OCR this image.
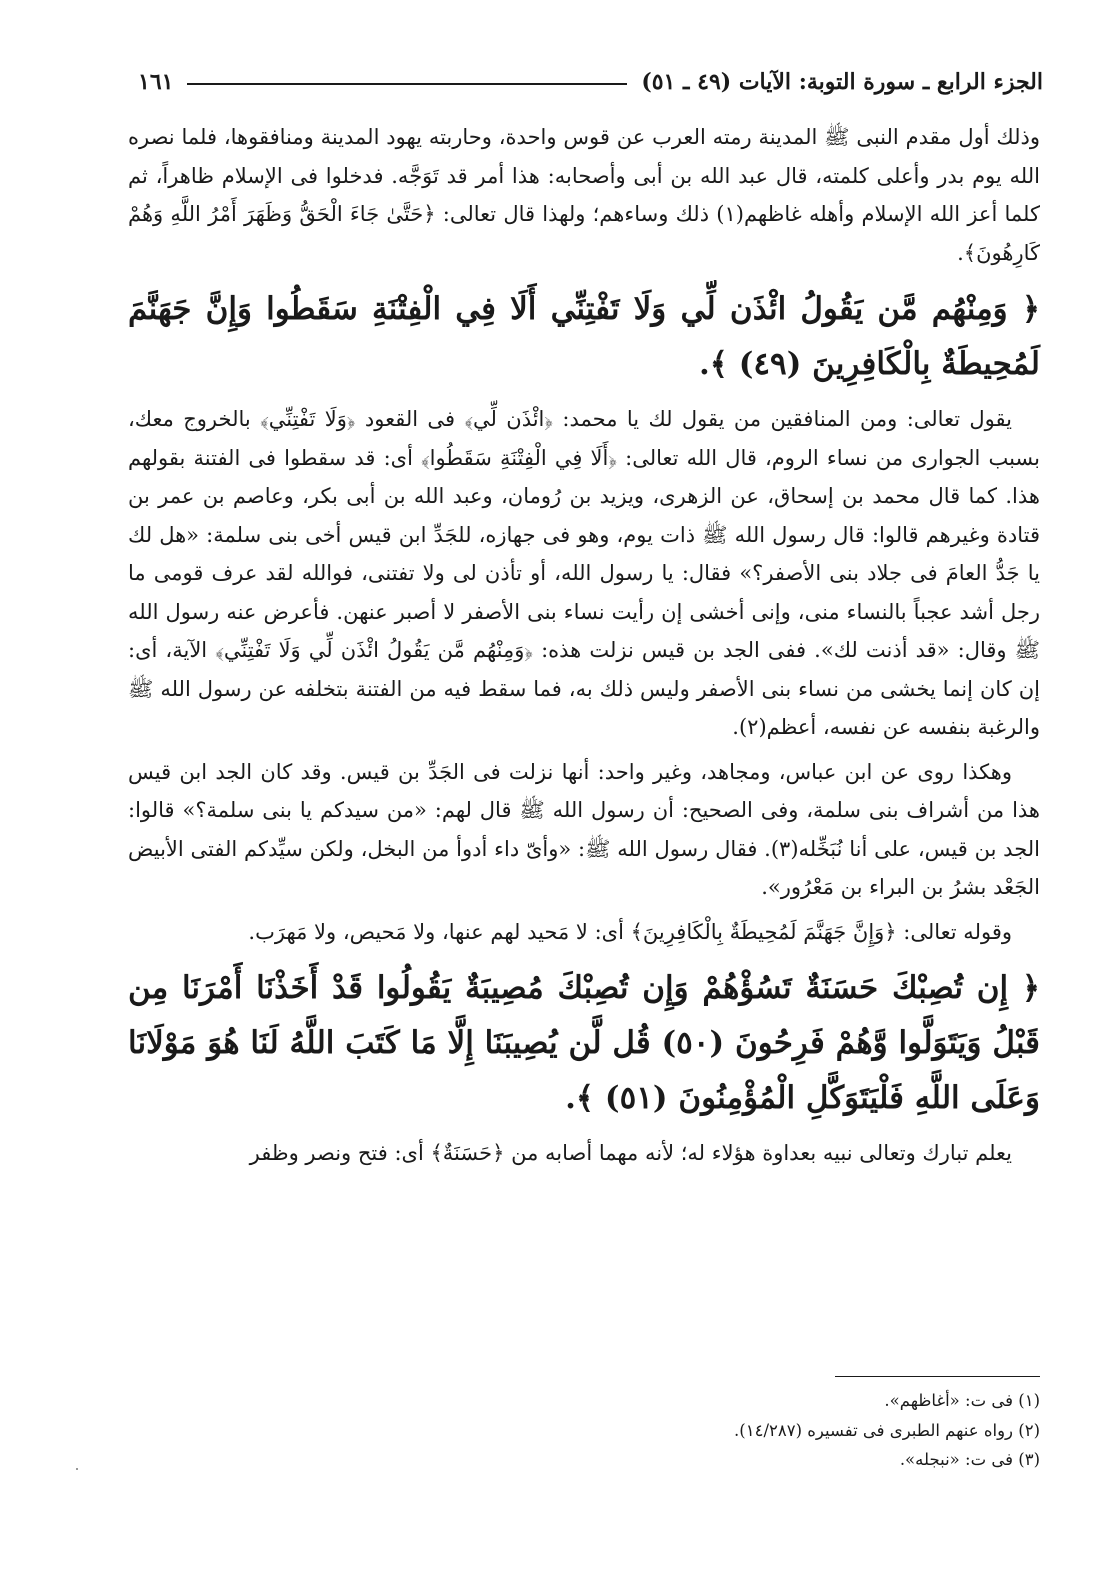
الجزء الرابع ـ سورة التوبة: الآيات (٤٩ ـ ٥١)
١٦١

وذلك أول مقدم النبى ﷺ المدينة رمته العرب عن قوس واحدة، وحاربته يهود المدينة ومنافقوها، فلما نصره الله يوم بدر وأعلى كلمته، قال عبد الله بن أبى وأصحابه: هذا أمر قد تَوَجَّه. فدخلوا فى الإسلام ظاهراً، ثم كلما أعز الله الإسلام وأهله غاظهم(١) ذلك وساءهم؛ ولهذا قال تعالى: ﴿حَتَّىٰ جَاءَ الْحَقُّ وَظَهَرَ أَمْرُ اللَّهِ وَهُمْ كَارِهُونَ﴾.

﴿ وَمِنْهُم مَّن يَقُولُ ائْذَن لِّي وَلَا تَفْتِنِّي أَلَا فِي الْفِتْنَةِ سَقَطُوا وَإِنَّ جَهَنَّمَ لَمُحِيطَةٌ بِالْكَافِرِينَ (٤٩) ﴾.

يقول تعالى: ومن المنافقين من يقول لك يا محمد: ﴿ائْذَن لِّي﴾ فى القعود ﴿وَلَا تَفْتِنِّي﴾ بالخروج معك، بسبب الجوارى من نساء الروم، قال الله تعالى: ﴿أَلَا فِي الْفِتْنَةِ سَقَطُوا﴾ أى: قد سقطوا فى الفتنة بقولهم هذا. كما قال محمد بن إسحاق، عن الزهرى، ويزيد بن رُومان، وعبد الله بن أبى بكر، وعاصم بن عمر بن قتادة وغيرهم قالوا: قال رسول الله ﷺ ذات يوم، وهو فى جهازه، للجَدِّ ابن قيس أخى بنى سلمة: «هل لك يا جَدُّ العامَ فى جلاد بنى الأصفر؟» فقال: يا رسول الله، أو تأذن لى ولا تفتنى، فوالله لقد عرف قومى ما رجل أشد عجباً بالنساء منى، وإنى أخشى إن رأيت نساء بنى الأصفر لا أصبر عنهن. فأعرض عنه رسول الله ﷺ وقال: «قد أذنت لك». ففى الجد بن قيس نزلت هذه: ﴿وَمِنْهُم مَّن يَقُولُ ائْذَن لِّي وَلَا تَفْتِنِّي﴾ الآية، أى: إن كان إنما يخشى من نساء بنى الأصفر وليس ذلك به، فما سقط فيه من الفتنة بتخلفه عن رسول الله ﷺ والرغبة بنفسه عن نفسه، أعظم(٢).

وهكذا روى عن ابن عباس، ومجاهد، وغير واحد: أنها نزلت فى الجَدِّ بن قيس. وقد كان الجد ابن قيس هذا من أشراف بنى سلمة، وفى الصحيح: أن رسول الله ﷺ قال لهم: «من سيدكم يا بنى سلمة؟» قالوا: الجد بن قيس، على أنا نُبَخِّله(٣). فقال رسول الله ﷺ: «وأىّ داء أدوأ من البخل، ولكن سيِّدكم الفتى الأبيض الجَعْد بشرُ بن البراء بن مَعْرُور».

وقوله تعالى: ﴿وَإِنَّ جَهَنَّمَ لَمُحِيطَةٌ بِالْكَافِرِينَ﴾ أى: لا مَحيد لهم عنها، ولا مَحيص، ولا مَهرَب.

﴿ إِن تُصِبْكَ حَسَنَةٌ تَسُؤْهُمْ وَإِن تُصِبْكَ مُصِيبَةٌ يَقُولُوا قَدْ أَخَذْنَا أَمْرَنَا مِن قَبْلُ وَيَتَوَلَّوا وَّهُمْ فَرِحُونَ (٥٠) قُل لَّن يُصِيبَنَا إِلَّا مَا كَتَبَ اللَّهُ لَنَا هُوَ مَوْلَانَا وَعَلَى اللَّهِ فَلْيَتَوَكَّلِ الْمُؤْمِنُونَ (٥١) ﴾.

يعلم تبارك وتعالى نبيه بعداوة هؤلاء له؛ لأنه مهما أصابه من ﴿حَسَنَةٌ﴾ أى: فتح ونصر وظفر

(١) فى ت: «أغاظهم».

(٢) رواه عنهم الطبرى فى تفسيره (١٤/٢٨٧).

(٣) فى ت: «نبجله».
